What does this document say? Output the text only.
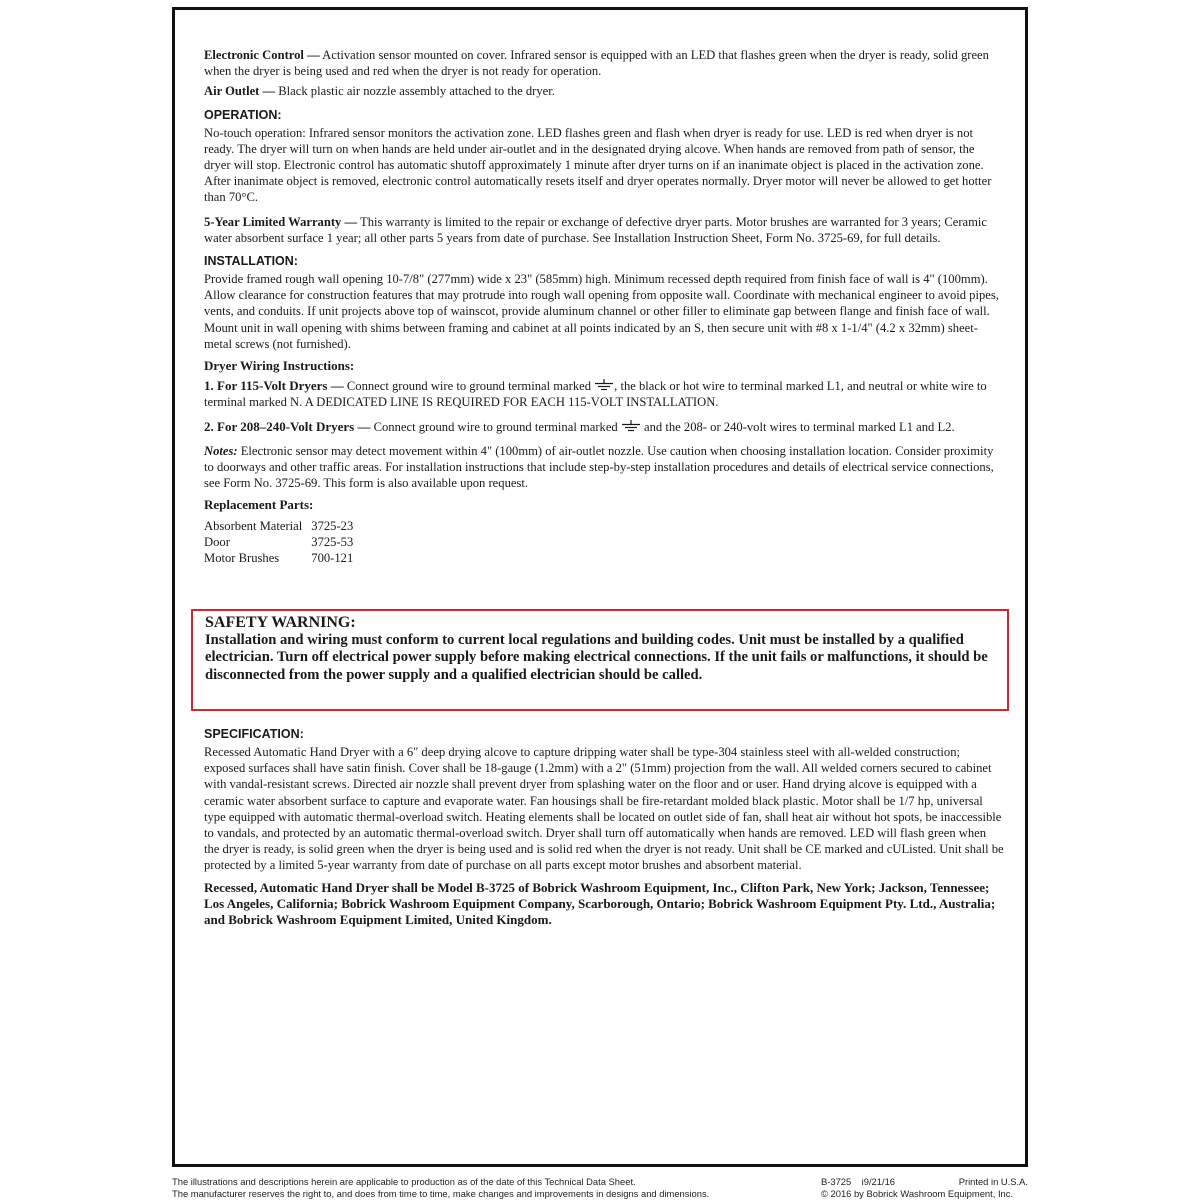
Electronic Control — Activation sensor mounted on cover. Infrared sensor is equipped with an LED that flashes green when the dryer is ready, solid green when the dryer is being used and red when the dryer is not ready for operation.

Air Outlet — Black plastic air nozzle assembly attached to the dryer.

OPERATION:

No-touch operation: Infrared sensor monitors the activation zone. LED flashes green and flash when dryer is ready for use. LED is red when dryer is not ready. The dryer will turn on when hands are held under air-outlet and in the designated drying alcove. When hands are removed from path of sensor, the dryer will stop. Electronic control has automatic shutoff approximately 1 minute after dryer turns on if an inanimate object is placed in the activation zone. After inanimate object is removed, electronic control automatically resets itself and dryer operates normally. Dryer motor will never be allowed to get hotter than 70°C.

5-Year Limited Warranty — This warranty is limited to the repair or exchange of defective dryer parts. Motor brushes are warranted for 3 years; Ceramic water absorbent surface 1 year; all other parts 5 years from date of purchase. See Installation Instruction Sheet, Form No. 3725-69, for full details.

INSTALLATION:

Provide framed rough wall opening 10-7/8" (277mm) wide x 23" (585mm) high. Minimum recessed depth required from finish face of wall is 4" (100mm). Allow clearance for construction features that may protrude into rough wall opening from opposite wall. Coordinate with mechanical engineer to avoid pipes, vents, and conduits. If unit projects above top of wainscot, provide aluminum channel or other filler to eliminate gap between flange and finish face of wall. Mount unit in wall opening with shims between framing and cabinet at all points indicated by an S, then secure unit with #8 x 1-1/4" (4.2 x 32mm) sheet-metal screws (not furnished).

Dryer Wiring Instructions:

1. For 115-Volt Dryers — Connect ground wire to ground terminal marked , the black or hot wire to terminal marked L1, and neutral or white wire to terminal marked N. A DEDICATED LINE IS REQUIRED FOR EACH 115-VOLT INSTALLATION.

2. For 208–240-Volt Dryers — Connect ground wire to ground terminal marked and the 208- or 240-volt wires to terminal marked L1 and L2.

Notes: Electronic sensor may detect movement within 4" (100mm) of air-outlet nozzle. Use caution when choosing installation location. Consider proximity to doorways and other traffic areas. For installation instructions that include step-by-step installation procedures and details of electrical service connections, see Form No. 3725-69. This form is also available upon request.

Replacement Parts:

Absorbent Material	3725-23
Door	3725-53
Motor Brushes	700-121
SAFETY WARNING:
Installation and wiring must conform to current local regulations and building codes. Unit must be installed by a qualified electrician. Turn off electrical power supply before making electrical connections. If the unit fails or malfunctions, it should be disconnected from the power supply and a qualified electrician should be called.

SPECIFICATION:

Recessed Automatic Hand Dryer with a 6" deep drying alcove to capture dripping water shall be type-304 stainless steel with all-welded construction; exposed surfaces shall have satin finish. Cover shall be 18-gauge (1.2mm) with a 2" (51mm) projection from the wall. All welded corners secured to cabinet with vandal-resistant screws. Directed air nozzle shall prevent dryer from splashing water on the floor and or user. Hand drying alcove is equipped with a ceramic water absorbent surface to capture and evaporate water. Fan housings shall be fire-retardant molded black plastic. Motor shall be 1/7 hp, universal type equipped with automatic thermal-overload switch. Heating elements shall be located on outlet side of fan, shall heat air without hot spots, be inaccessible to vandals, and protected by an automatic thermal-overload switch. Dryer shall turn off automatically when hands are removed. LED will flash green when the dryer is ready, is solid green when the dryer is being used and is solid red when the dryer is not ready. Unit shall be CE marked and cUListed. Unit shall be protected by a limited 5-year warranty from date of purchase on all parts except motor brushes and absorbent material.

Recessed, Automatic Hand Dryer shall be Model B-3725 of Bobrick Washroom Equipment, Inc., Clifton Park, New York; Jackson, Tennessee; Los Angeles, California; Bobrick Washroom Equipment Company, Scarborough, Ontario; Bobrick Washroom Equipment Pty. Ltd., Australia; and Bobrick Washroom Equipment Limited, United Kingdom.

The illustrations and descriptions herein are applicable to production as of the date of this Technical Data Sheet.
The manufacturer reserves the right to, and does from time to time, make changes and improvements in designs and dimensions.
B-3725    i9/21/16	Printed in U.S.A.
© 2016 by Bobrick Washroom Equipment, Inc.
